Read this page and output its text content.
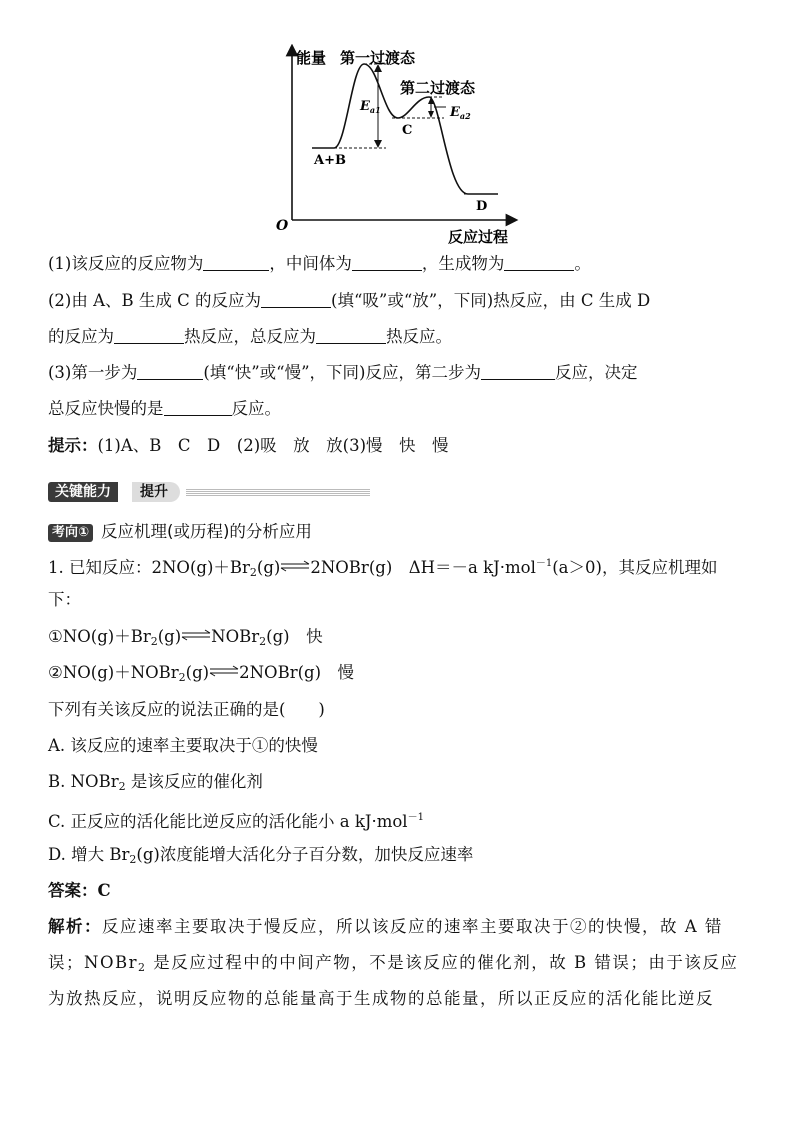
能量 第一过渡态
第二过渡态
$E_{a1}$	$E_{a2}$
A+B
C
D
O
反应过程
(1)该反应的反应物为	，中间体为	，生成物为	。
(2)由 A、B 生成 C 的反应为	(填“吸”或“放”，下同)热反应，由 C 生成 D
的反应为	热反应，总反应为	热反应。
(3)第一步为	(填“快”或“慢”，下同)反应，第二步为	反应，决定
总反应快慢的是	反应。
提示：(1)A、B　C　D　(2)吸　放　放(3)慢　快　慢
关键能力	提升
考向① 反应机理(或历程)的分析应用
1. 已知反应：$2NO(g)+Br_2(g)\rightleftharpoons 2NOBr(g)$　ΔH＝－a kJ·mol$^{-1}$(a＞0)，其反应机理如
下：
$①NO(g)+Br_2(g)\rightleftharpoons NOBr_2(g)$　快
②NO(g)＋NOBr$_2$(g)⇌2NOBr(g)　慢
下列有关该反应的说法正确的是(　　)
A. 该反应的速率主要取决于①的快慢
B. NOBr$_2$ 是该反应的催化剂
C. 正反应的活化能比逆反应的活化能小 a kJ·mol$^{-1}$
D. 增大 $Br_2(g)$浓度能增大活化分子百分数，加快反应速率
答案：C
解析：反应速率主要取决于慢反应，所以该反应的速率主要取决于②的快慢，故 A 错
误；NOBr$_2$ 是反应过程中的中间产物，不是该反应的催化剂，故 B 错误；由于该反应
为放热反应，说明反应物的总能量高于生成物的总能量，所以正反应的活化能比逆反
